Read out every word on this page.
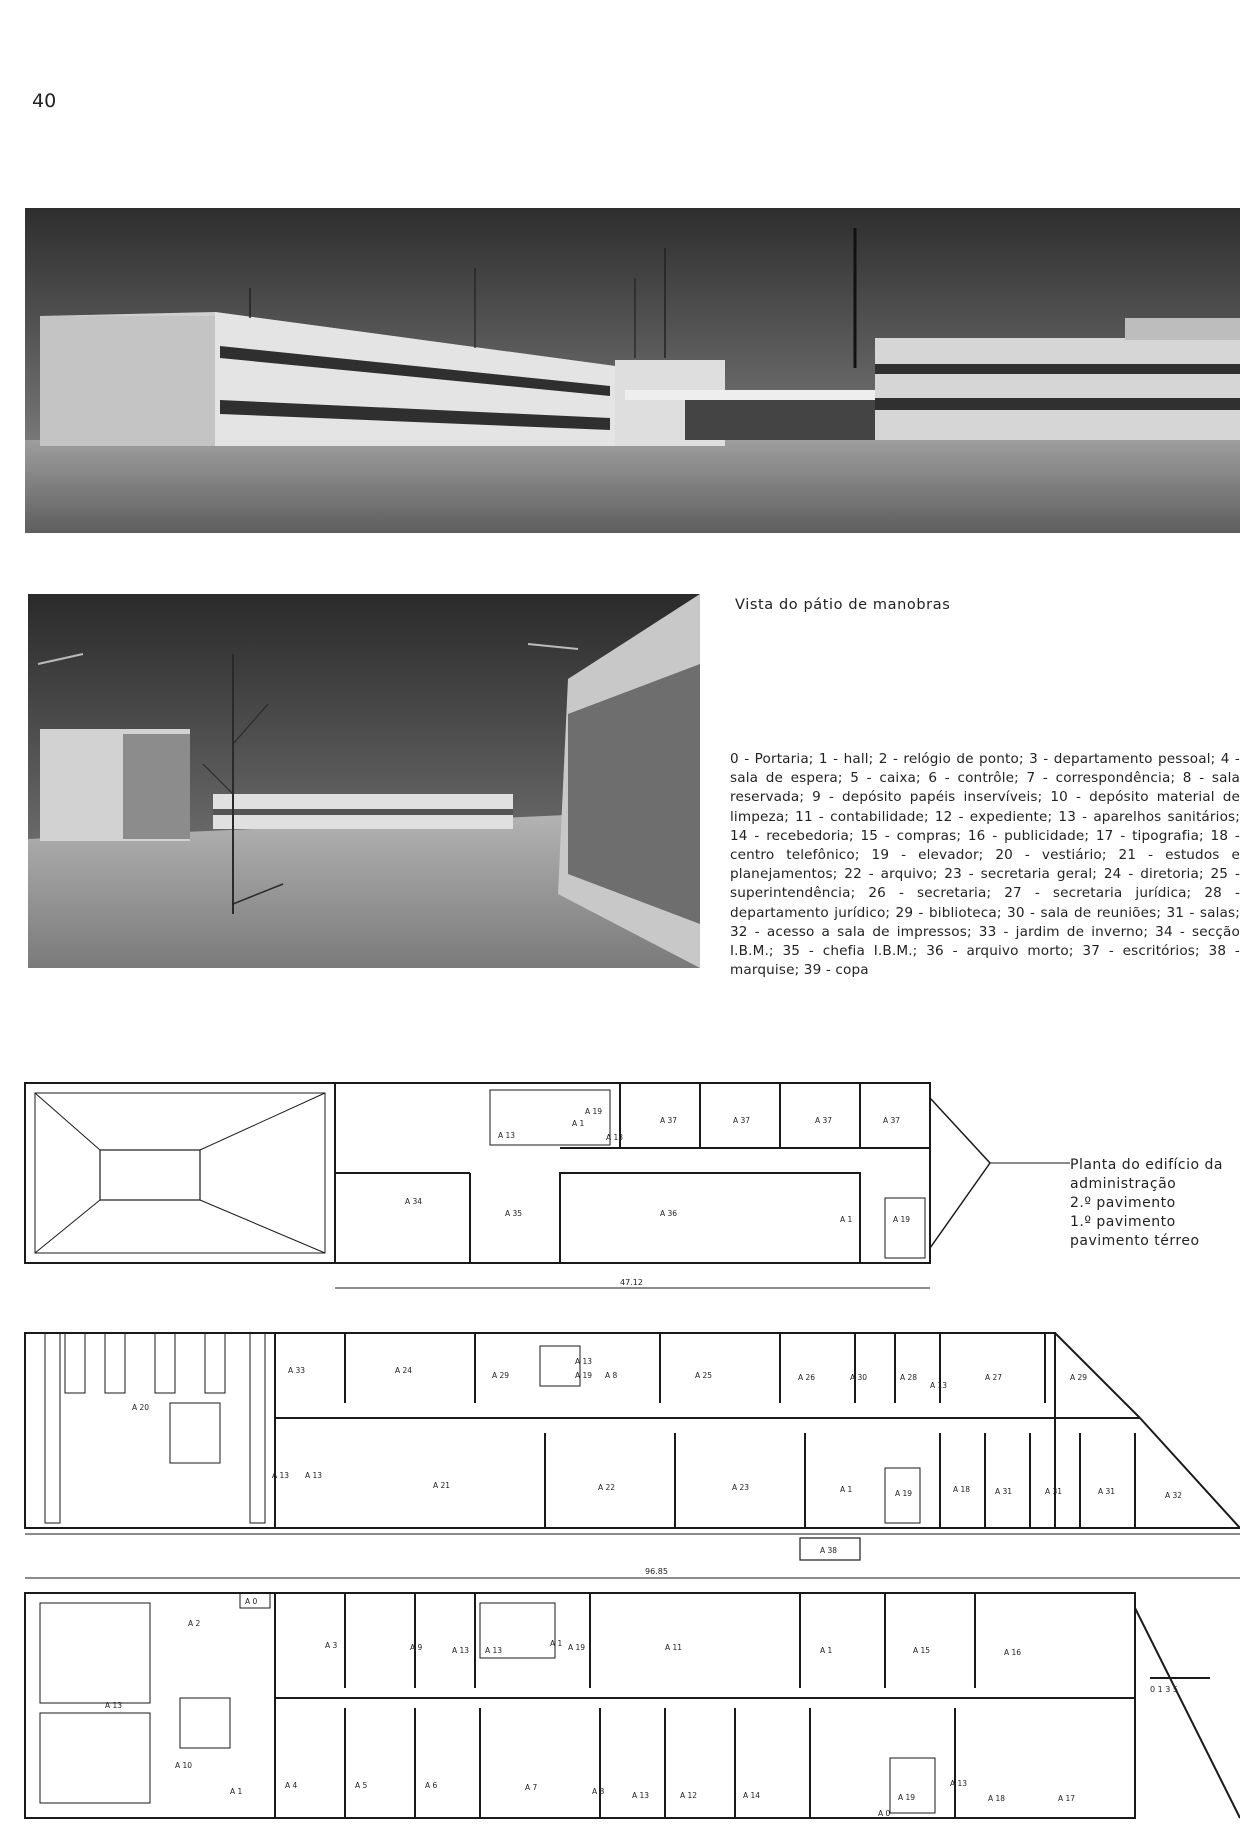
40
Vista do pátio de manobras
0 - Portaria; 1 - hall; 2 - relógio de ponto; 3 - departamento pessoal; 4 - sala de espera; 5 - caixa; 6 - contrôle; 7 - correspondência; 8 - sala reservada; 9 - depósito papéis inservíveis; 10 - depósito material de limpeza; 11 - contabilidade; 12 - expediente; 13 - aparelhos sanitários; 14 - recebedoria; 15 - compras; 16 - publicidade; 17 - tipografia; 18 - centro telefônico; 19 - elevador; 20 - vestiário; 21 - estudos e planejamentos; 22 - arquivo; 23 - secretaria geral; 24 - diretoria; 25 - superintendência; 26 - secretaria; 27 - secretaria jurídica; 28 - departamento jurídico; 29 - biblioteca; 30 - sala de reuniões; 31 - salas; 32 - acesso a sala de impressos; 33 - jardim de inverno; 34 - secção I.B.M.; 35 - chefia I.B.M.; 36 - arquivo morto; 37 - escritórios; 38 - marquise; 39 - copa
Planta do edifício da
administração
2.º pavimento
1.º pavimento
pavimento térreo
47.12
A 13
A 1
A 19
A 13
A 37	A 37	A 37	A 37
A 34
A 35	A 36
A 1	A 19
96.85
A 20
A 33	A 24
A 29
A 13
A 19 A 8	A 25	A 26	A 30	A 28
A 13
A 27	A 29
A 13 A 13
A 21	A 22	A 23	A 1	A 19	A 18	A 31	A 31	A 31	A 32
A 38
A 0
A 2
A 3	A 9	A 13 A 13
A 1 A 19	A 11	A 1	A 15	A 16
A 13
A 10
A 1
A 4	A 5	A 6	A 7	A 8	A 13	A 12	A 14
A 0
A 19
A 13
A 18	A 17
0 1 3 5
